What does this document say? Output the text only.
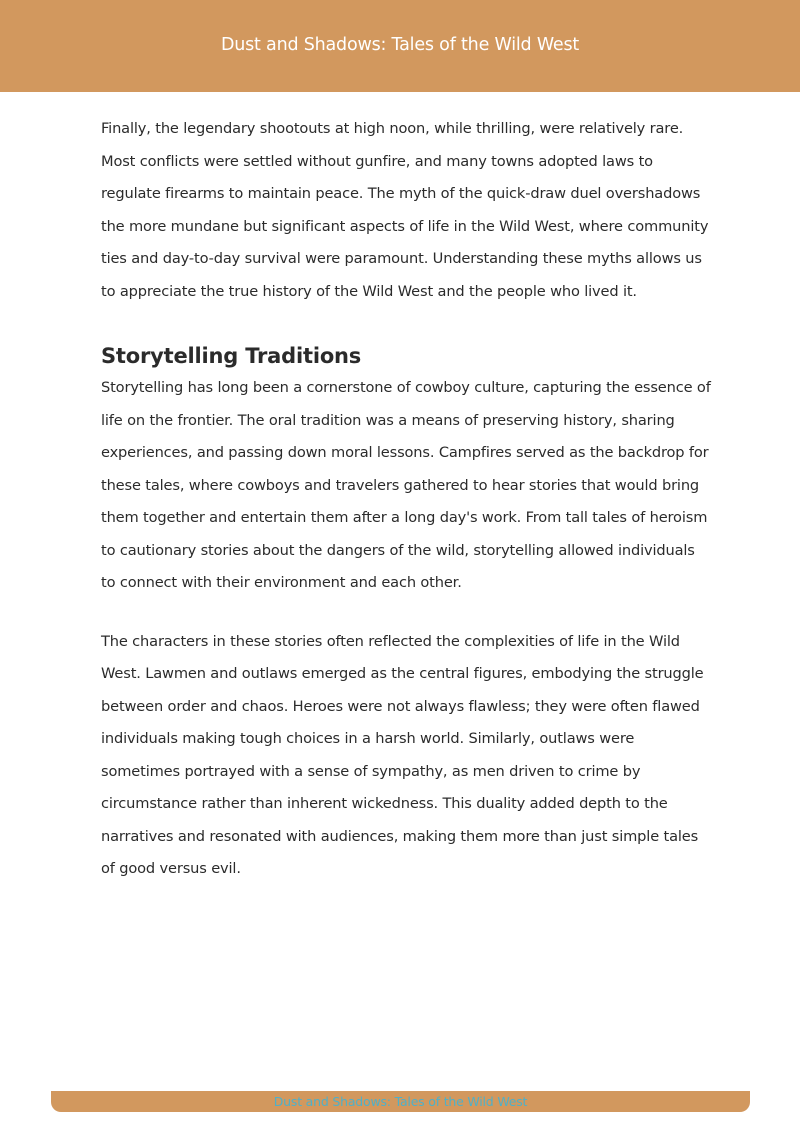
Dust and Shadows: Tales of the Wild West

Finally, the legendary shootouts at high noon, while thrilling, were relatively rare. Most conflicts were settled without gunfire, and many towns adopted laws to regulate firearms to maintain peace. The myth of the quick-draw duel overshadows the more mundane but significant aspects of life in the Wild West, where community ties and day-to-day survival were paramount. Understanding these myths allows us to appreciate the true history of the Wild West and the people who lived it.

Storytelling Traditions

Storytelling has long been a cornerstone of cowboy culture, capturing the essence of life on the frontier. The oral tradition was a means of preserving history, sharing experiences, and passing down moral lessons. Campfires served as the backdrop for these tales, where cowboys and travelers gathered to hear stories that would bring them together and entertain them after a long day's work. From tall tales of heroism to cautionary stories about the dangers of the wild, storytelling allowed individuals to connect with their environment and each other.

The characters in these stories often reflected the complexities of life in the Wild West. Lawmen and outlaws emerged as the central figures, embodying the struggle between order and chaos. Heroes were not always flawless; they were often flawed individuals making tough choices in a harsh world. Similarly, outlaws were sometimes portrayed with a sense of sympathy, as men driven to crime by circumstance rather than inherent wickedness. This duality added depth to the narratives and resonated with audiences, making them more than just simple tales of good versus evil.

Dust and Shadows: Tales of the Wild West
